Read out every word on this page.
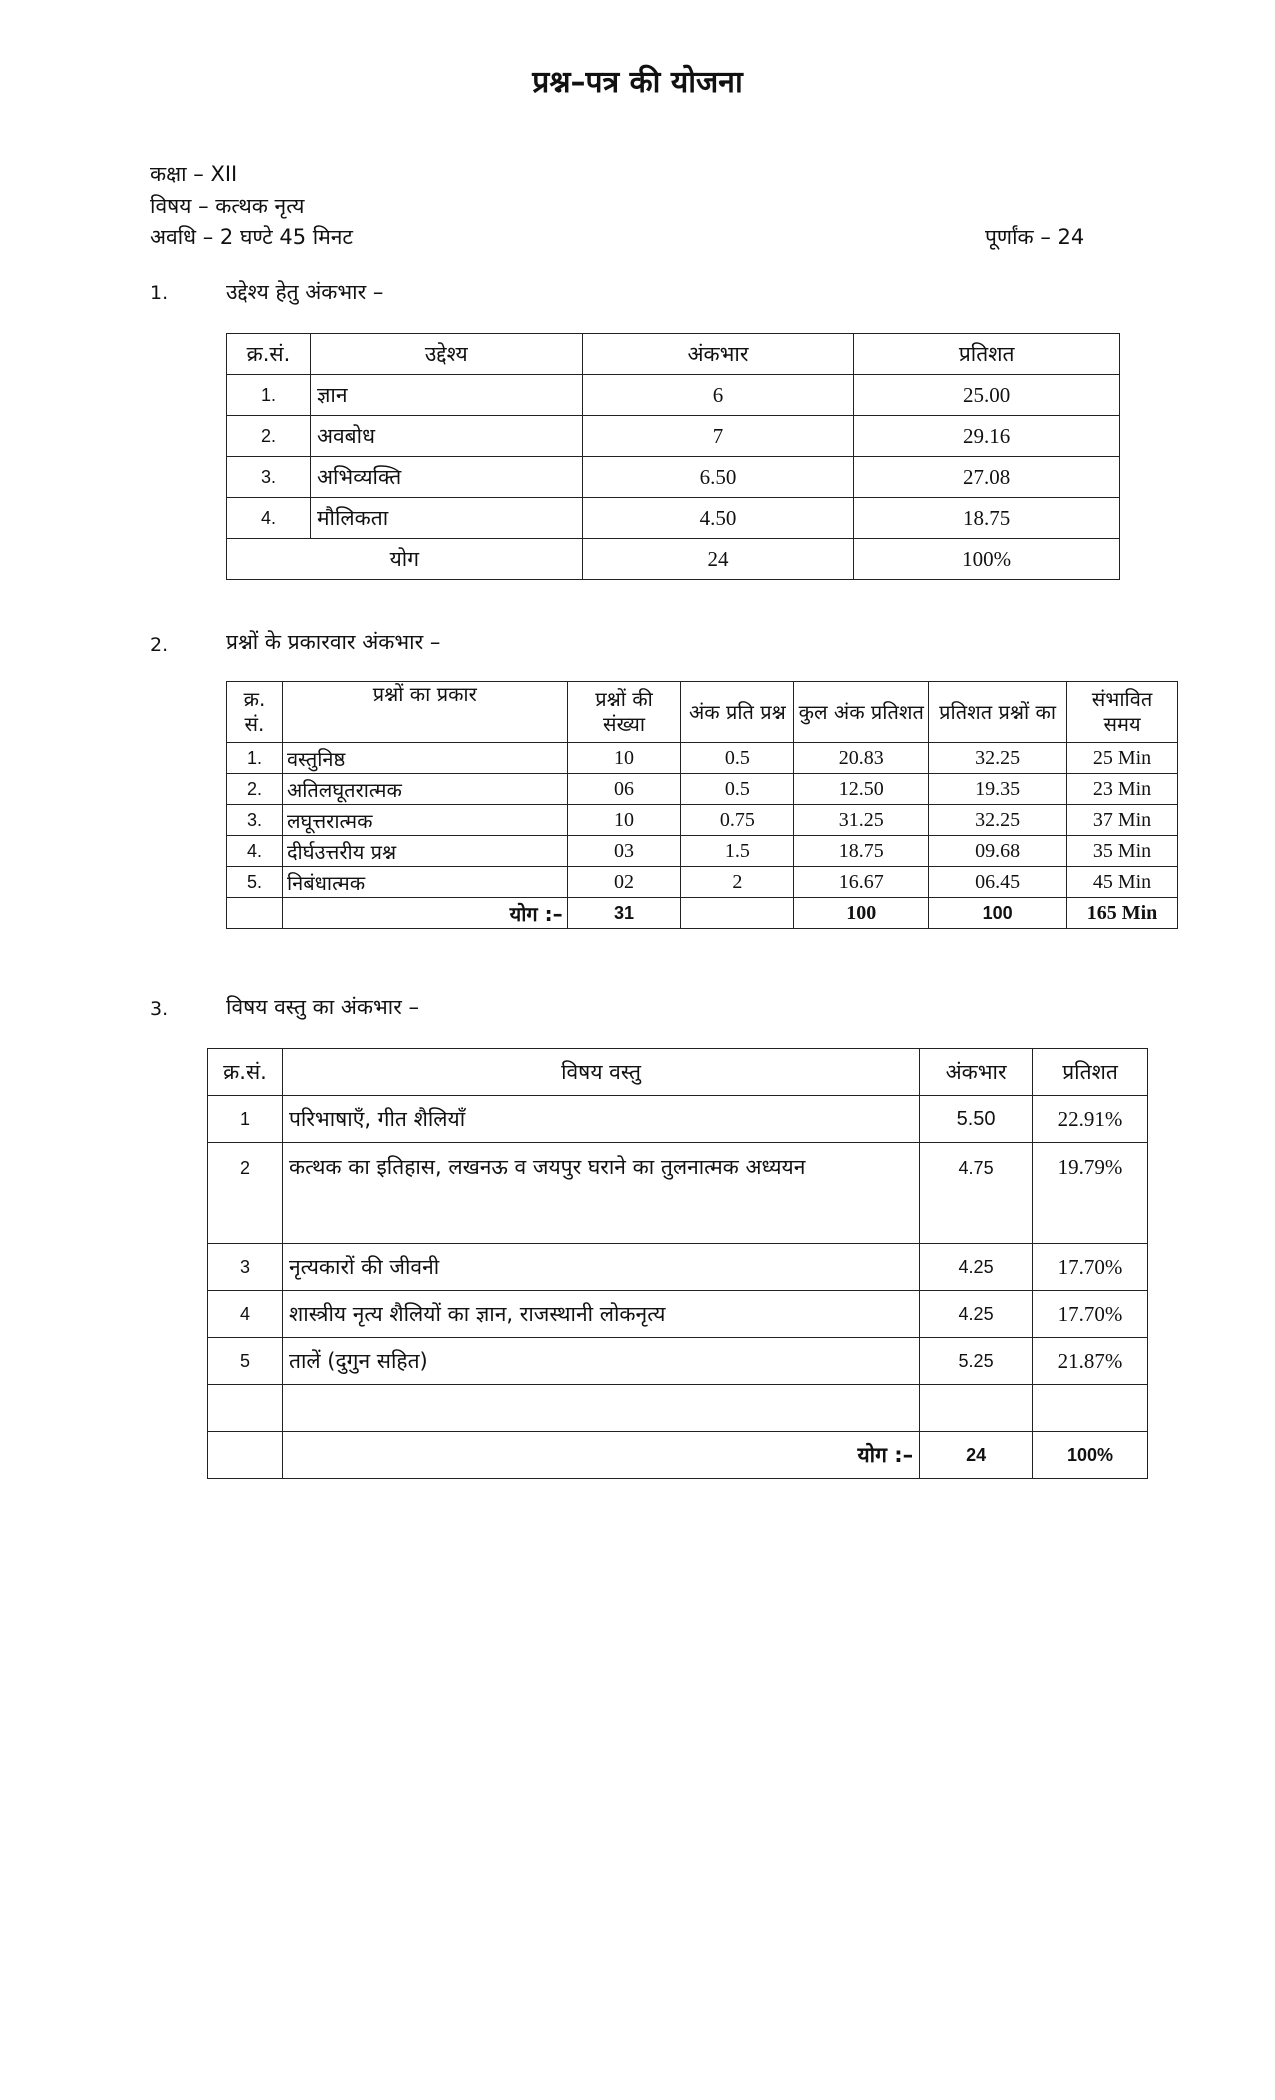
प्रश्न–पत्र की योजना
कक्षा – XII
विषय – कत्थक नृत्य
अवधि – 2 घण्टे 45 मिनट	पूर्णांक – 24
1.	उद्देश्य हेतु अंकभार –
क्र.सं.	उद्देश्य	अंकभार	प्रतिशत
1.	ज्ञान	6	25.00
2.	अवबोध	7	29.16
3.	अभिव्यक्ति	6.50	27.08
4.	मौलिकता	4.50	18.75
योग		24	100%
2.	प्रश्नों के प्रकारवार अंकभार –
क्र. सं.	प्रश्नों का प्रकार	प्रश्नों की संख्या	अंक प्रति प्रश्न	कुल अंक प्रतिशत	प्रतिशत प्रश्नों का	संभावित समय
1.	वस्तुनिष्ठ	10	0.5	20.83	32.25	25 Min
2.	अतिलघूतरात्मक	06	0.5	12.50	19.35	23 Min
3.	लघूत्तरात्मक	10	0.75	31.25	32.25	37 Min
4.	दीर्घउत्तरीय प्रश्न	03	1.5	18.75	09.68	35 Min
5.	निबंधात्मक	02	2	16.67	06.45	45 Min
	योग :–	31		100	100	165 Min
3.	विषय वस्तु का अंकभार –
क्र.सं.	विषय वस्तु	अंकभार	प्रतिशत
1	परिभाषाएँ, गीत शैलियाँ	5.50	22.91%
2	कत्थक का इतिहास, लखनऊ व जयपुर घराने का तुलनात्मक अध्ययन	4.75	19.79%
3	नृत्यकारों की जीवनी	4.25	17.70%
4	शास्त्रीय नृत्य शैलियों का ज्ञान, राजस्थानी लोकनृत्य	4.25	17.70%
5	तालें (दुगुन सहित)	5.25	21.87%

	योग :–	24	100%
